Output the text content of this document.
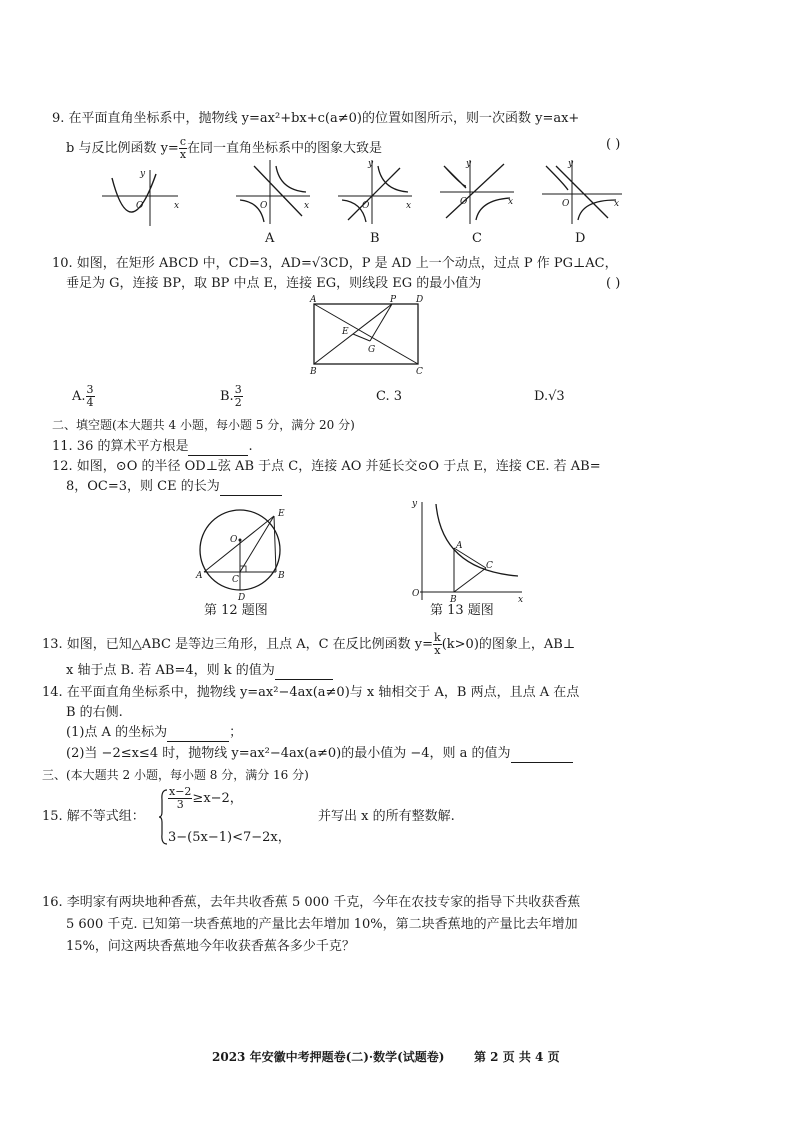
9. 在平面直角坐标系中，抛物线 y=ax²+bx+c(a≠0)的位置如图所示，则一次函数 y=ax+
b 与反比例函数 $y= \frac{c}{x}$ 在同一直角坐标系中的图象大致是	( )
O	x
y
O	x
A
y
O	x
B
y
O	x
C
y
O	x
D
10. 如图，在矩形 ABCD 中，CD=3，AD=√3CD，P 是 AD 上一个动点，过点 P 作 PG⊥AC，
垂足为 G，连接 BP，取 BP 中点 E，连接 EG，则线段 EG 的最小值为	( )
A	P D
E
G
B	C
A. $\frac{3}{4}$	B. $\frac{3}{2}$	C. 3	D.√3
二、填空题(本大题共 4 小题，每小题 5 分，满分 20 分)
11. 36 的算术平方根是	.
12. 如图，⊙O 的半径 OD⊥弦 AB 于点 C，连接 AO 并延长交⊙O 于点 E，连接 CE. 若 AB=
8，OC=3，则 CE 的长为
E
O
A	C	B
D
第 12 题图
y
A
C
O
B	x
第 13 题图
13. 如图，已知△ABC 是等边三角形，且点 A，C 在反比例函数 $y= \frac{k}{x} (k>0)$的图象上，AB⊥
x 轴于点 B. 若 AB=4，则 k 的值为
14. 在平面直角坐标系中，抛物线 y=ax²−4ax(a≠0)与 x 轴相交于 A，B 两点，且点 A 在点
B 的右侧.
(1)点 A 的坐标为	；
(2)当 −2≤x≤4 时，抛物线 y=ax²−4ax(a≠0)的最小值为 −4，则 a 的值为
三、(本大题共 2 小题，每小题 8 分，满分 16 分)
15. 解不等式组：
$\frac{x-2}{3} \ge x-2$，
3−(5x−1)<7−2x，
并写出 x 的所有整数解.
16. 李明家有两块地种香蕉，去年共收香蕉 5 000 千克，今年在农技专家的指导下共收获香蕉
5 600 千克. 已知第一块香蕉地的产量比去年增加 10%，第二块香蕉地的产量比去年增加
15%，问这两块香蕉地今年收获香蕉各多少千克？
2023 年安徽中考押题卷(二)·数学(试题卷) 第 2 页 共 4 页
